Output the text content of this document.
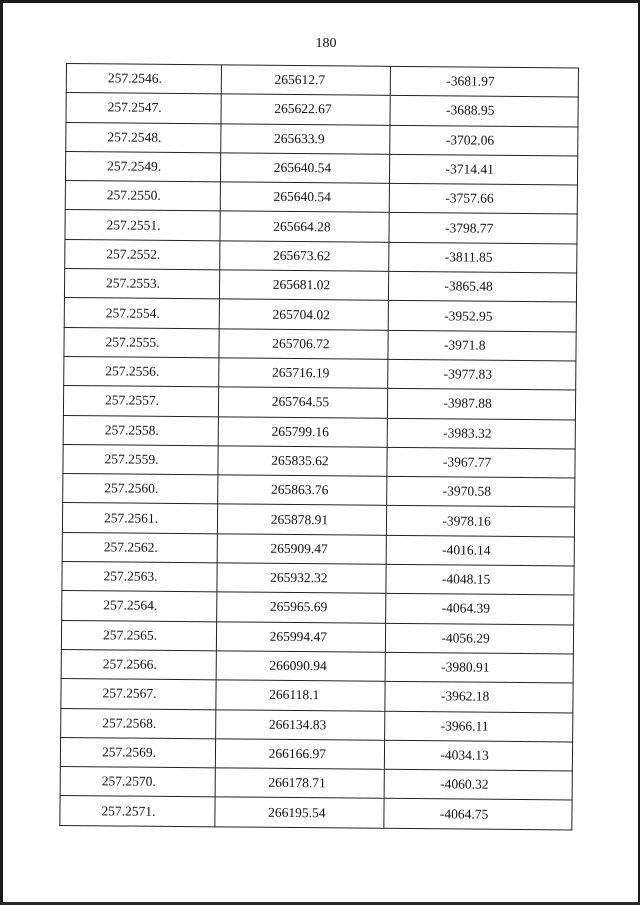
180
257.2546.	265612.7	-3681.97
257.2547.	265622.67	-3688.95
257.2548.	265633.9	-3702.06
257.2549.	265640.54	-3714.41
257.2550.	265640.54	-3757.66
257.2551.	265664.28	-3798.77
257.2552.	265673.62	-3811.85
257.2553.	265681.02	-3865.48
257.2554.	265704.02	-3952.95
257.2555.	265706.72	-3971.8
257.2556.	265716.19	-3977.83
257.2557.	265764.55	-3987.88
257.2558.	265799.16	-3983.32
257.2559.	265835.62	-3967.77
257.2560.	265863.76	-3970.58
257.2561.	265878.91	-3978.16
257.2562.	265909.47	-4016.14
257.2563.	265932.32	-4048.15
257.2564.	265965.69	-4064.39
257.2565.	265994.47	-4056.29
257.2566.	266090.94	-3980.91
257.2567.	266118.1	-3962.18
257.2568.	266134.83	-3966.11
257.2569.	266166.97	-4034.13
257.2570.	266178.71	-4060.32
257.2571.	266195.54	-4064.75
